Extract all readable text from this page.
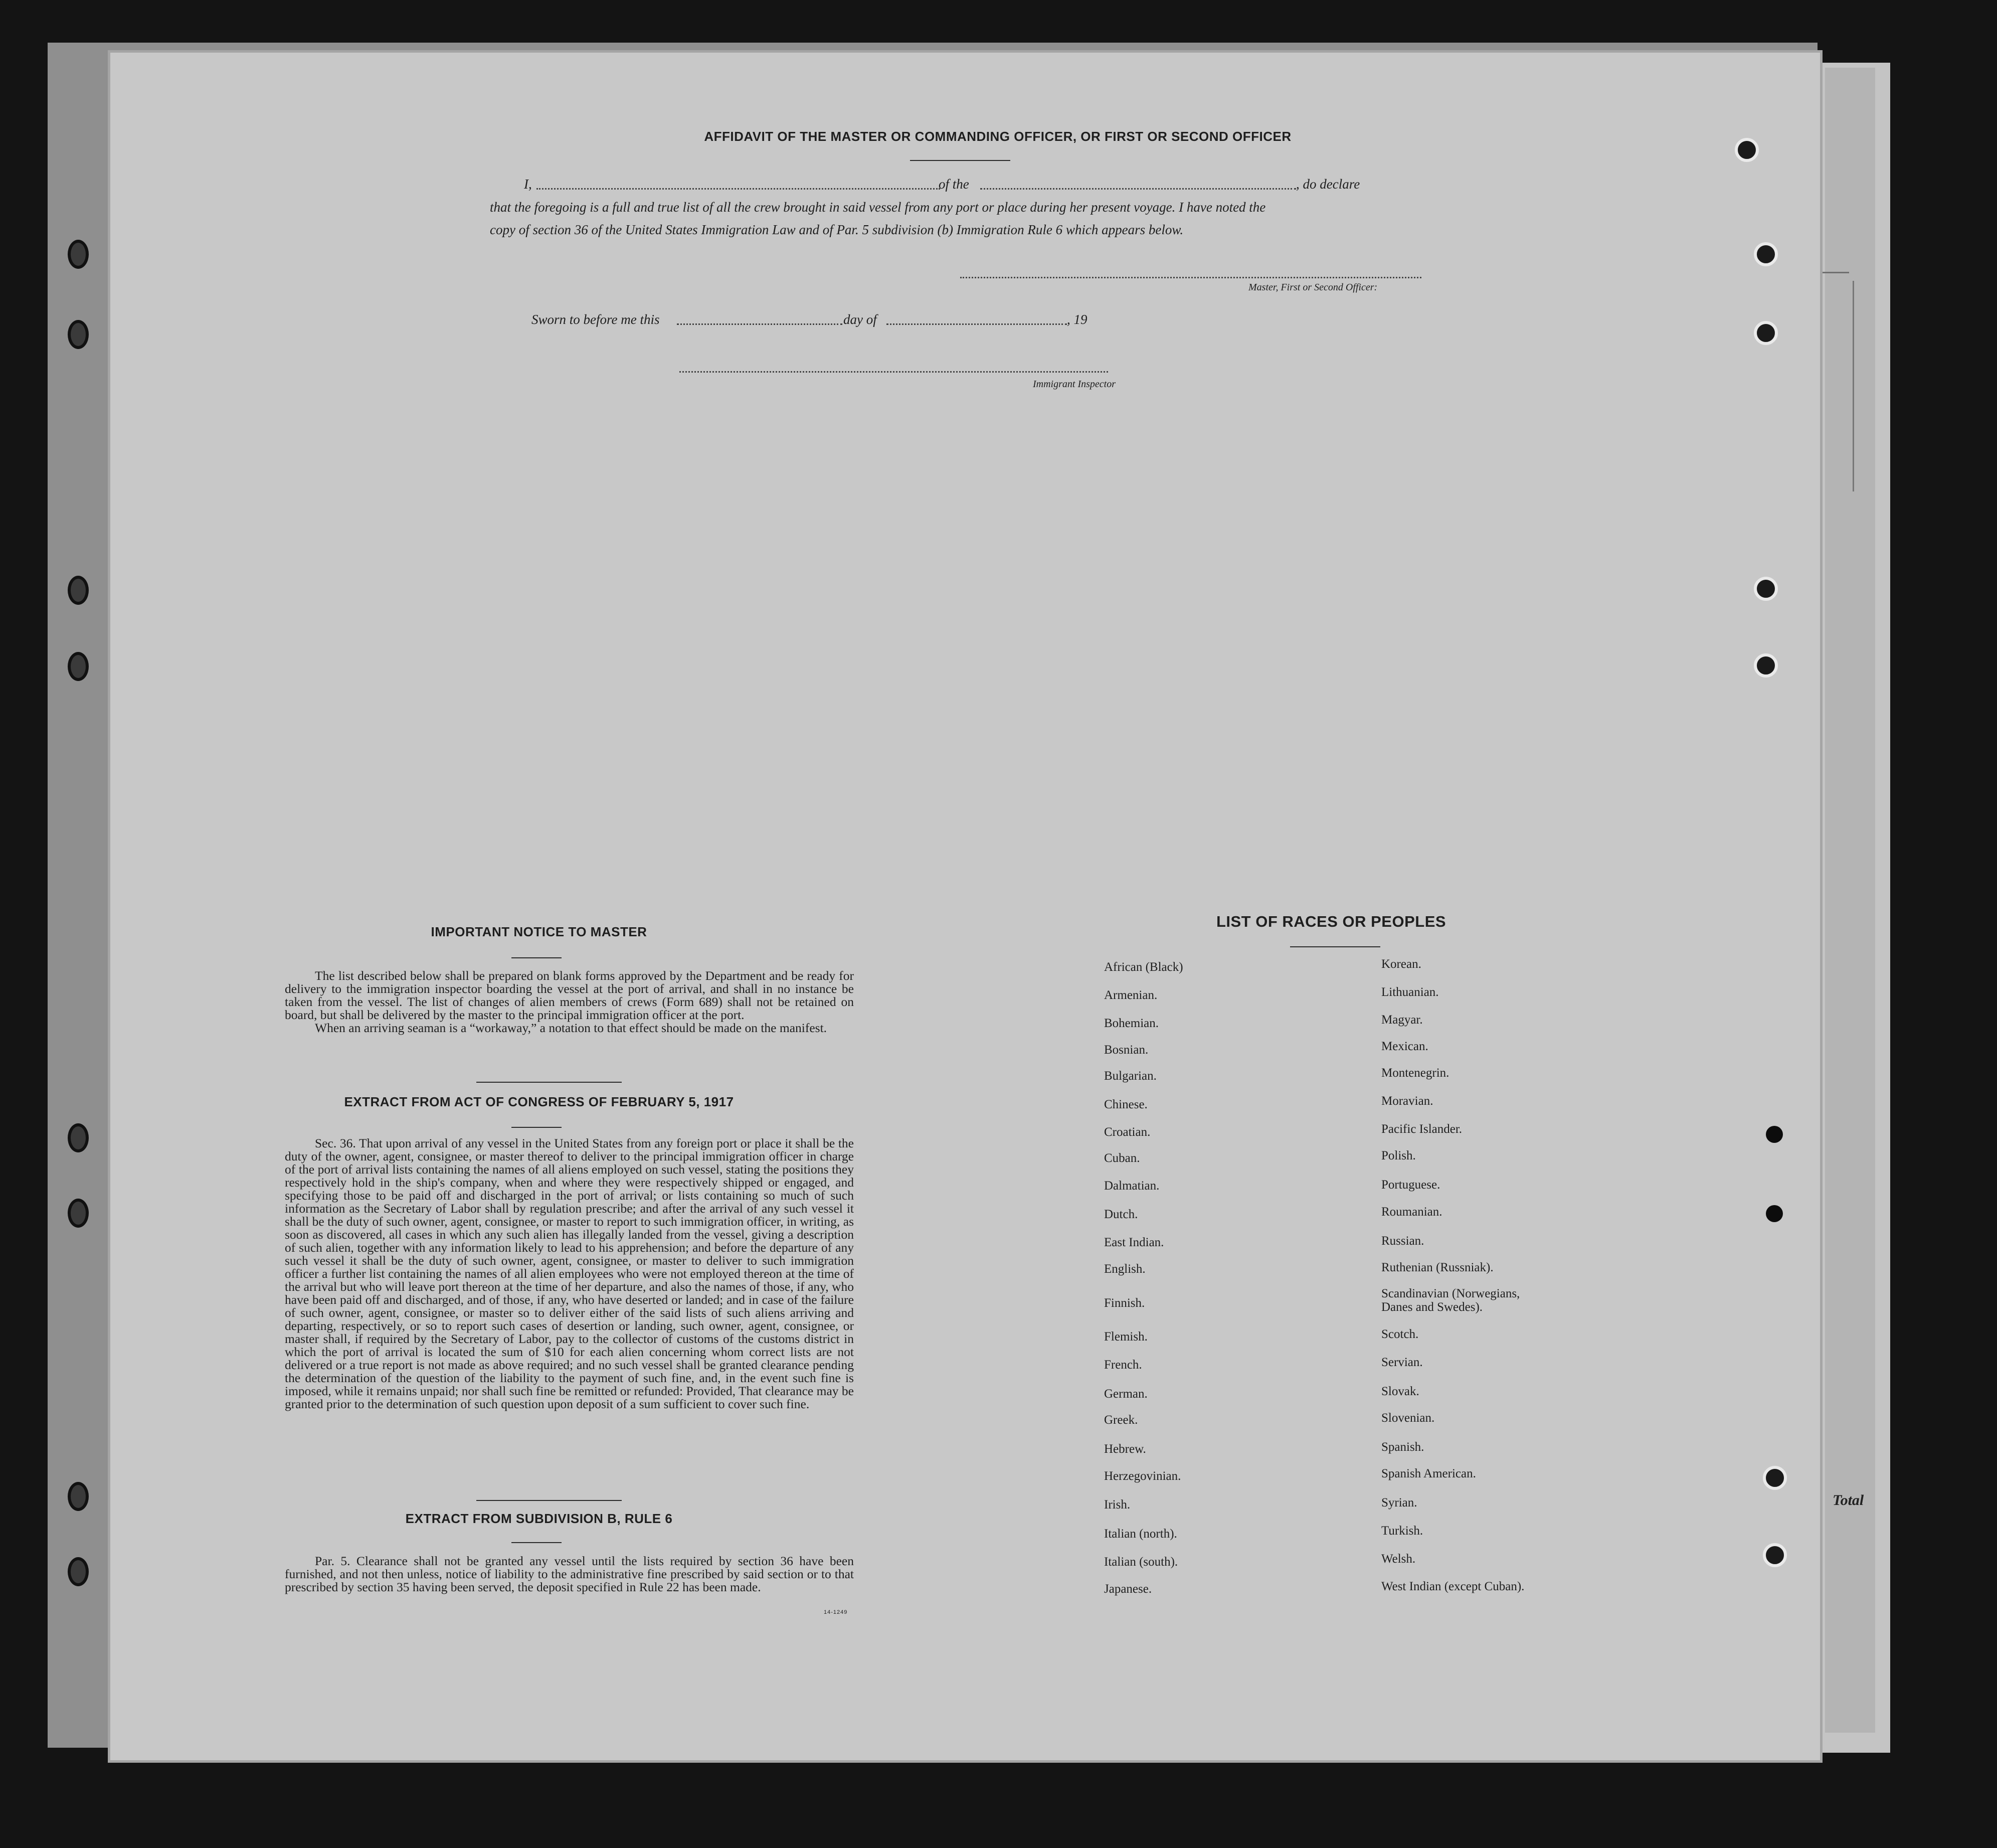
AFFIDAVIT OF THE MASTER OR COMMANDING OFFICER, OR FIRST OR SECOND OFFICER
I,	of the	, do declare
that the foregoing is a full and true list of all the crew brought in said vessel from any port or place during her present voyage. I have noted the
copy of section 36 of the United States Immigration Law and of Par. 5 subdivision (b) Immigration Rule 6 which appears below.
Master, First or Second Officer:
Sworn to before me this	day of	, 19
Immigrant Inspector
IMPORTANT NOTICE TO MASTER

The list described below shall be prepared on blank forms approved by the Department and be ready for delivery to the immigration inspector boarding the vessel at the port of arrival, and shall in no instance be taken from the vessel. The list of changes of alien members of crews (Form 689) shall not be retained on board, but shall be delivered by the master to the principal immigration officer at the port.

When an arriving seaman is a “workaway,” a notation to that effect should be made on the manifest.

EXTRACT FROM ACT OF CONGRESS OF FEBRUARY 5, 1917

Sec. 36. That upon arrival of any vessel in the United States from any foreign port or place it shall be the duty of the owner, agent, consignee, or master thereof to deliver to the principal immigration officer in charge of the port of arrival lists containing the names of all aliens employed on such vessel, stating the positions they respectively hold in the ship's company, when and where they were respectively shipped or engaged, and specifying those to be paid off and discharged in the port of arrival; or lists containing so much of such information as the Secretary of Labor shall by regulation prescribe; and after the arrival of any such vessel it shall be the duty of such owner, agent, consignee, or master to report to such immigration officer, in writing, as soon as discovered, all cases in which any such alien has illegally landed from the vessel, giving a description of such alien, together with any information likely to lead to his apprehension; and before the departure of any such vessel it shall be the duty of such owner, agent, consignee, or master to deliver to such immigration officer a further list containing the names of all alien employees who were not employed thereon at the time of the arrival but who will leave port thereon at the time of her departure, and also the names of those, if any, who have been paid off and discharged, and of those, if any, who have deserted or landed; and in case of the failure of such owner, agent, consignee, or master so to deliver either of the said lists of such aliens arriving and departing, respectively, or so to report such cases of desertion or landing, such owner, agent, consignee, or master shall, if required by the Secretary of Labor, pay to the collector of customs of the customs district in which the port of arrival is located the sum of $10 for each alien concerning whom correct lists are not delivered or a true report is not made as above required; and no such vessel shall be granted clearance pending the determination of the question of the liability to the payment of such fine, and, in the event such fine is imposed, while it remains unpaid; nor shall such fine be remitted or refunded: Provided, That clearance may be granted prior to the determination of such question upon deposit of a sum sufficient to cover such fine.

EXTRACT FROM SUBDIVISION B, RULE 6

Par. 5. Clearance shall not be granted any vessel until the lists required by section 36 have been furnished, and not then unless, notice of liability to the administrative fine prescribed by said section or to that prescribed by section 35 having been served, the deposit specified in Rule 22 has been made.

14-1249
LIST OF RACES OR PEOPLES
African (Black)
Armenian.
Bohemian.
Bosnian.
Bulgarian.
Chinese.
Croatian.
Cuban.
Dalmatian.
Dutch.
East Indian.
English.
Finnish.
Flemish.
French.
German.
Greek.
Hebrew.
Herzegovinian.
Irish.
Italian (north).
Italian (south).
Japanese.
Korean.
Lithuanian.
Magyar.
Mexican.
Montenegrin.
Moravian.
Pacific Islander.
Polish.
Portuguese.
Roumanian.
Russian.
Ruthenian (Russniak).
Scandinavian (Norwegians, Danes and Swedes).
Scotch.
Servian.
Slovak.
Slovenian.
Spanish.
Spanish American.
Syrian.
Turkish.
Welsh.
West Indian (except Cuban).
Total
